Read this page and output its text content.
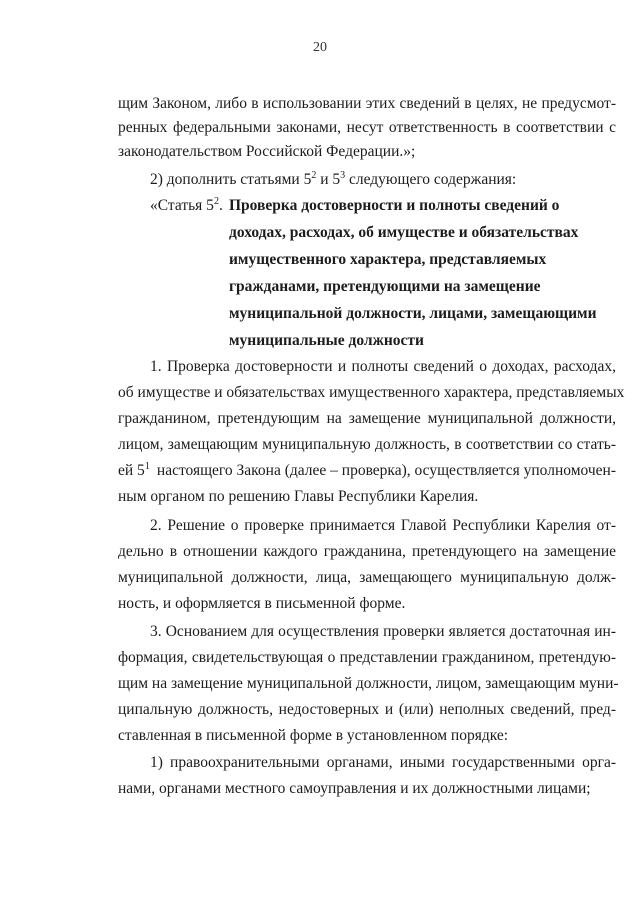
20
щим Законом, либо в использовании этих сведений в целях, не предусмот-
ренных федеральными законами, несут ответственность в соответствии с
законодательством Российской Федерации.»;
2) дополнить статьями $5^2$ и $5^3$ следующего содержания:
«Статья $5^2$. Проверка достоверности и полноты сведений о
доходах, расходах, об имуществе и обязательствах
имущественного характера, представляемых
гражданами, претендующими на замещение
муниципальной должности, лицами, замещающими
муниципальные должности
1. Проверка достоверности и полноты сведений о доходах, расходах,
об имуществе и обязательствах имущественного характера, представляемых
гражданином, претендующим на замещение муниципальной должности,
лицом, замещающим муниципальную должность, в соответствии со стать-
ей $5^1$ настоящего Закона (далее – проверка), осуществляется уполномочен-
ным органом по решению Главы Республики Карелия.
2. Решение о проверке принимается Главой Республики Карелия от-
дельно в отношении каждого гражданина, претендующего на замещение
муниципальной должности, лица, замещающего муниципальную долж-
ность, и оформляется в письменной форме.
3. Основанием для осуществления проверки является достаточная ин-
формация, свидетельствующая о представлении гражданином, претендую-
щим на замещение муниципальной должности, лицом, замещающим муни-
ципальную должность, недостоверных и (или) неполных сведений, пред-
ставленная в письменной форме в установленном порядке:
1) правоохранительными органами, иными государственными орга-
нами, органами местного самоуправления и их должностными лицами;
